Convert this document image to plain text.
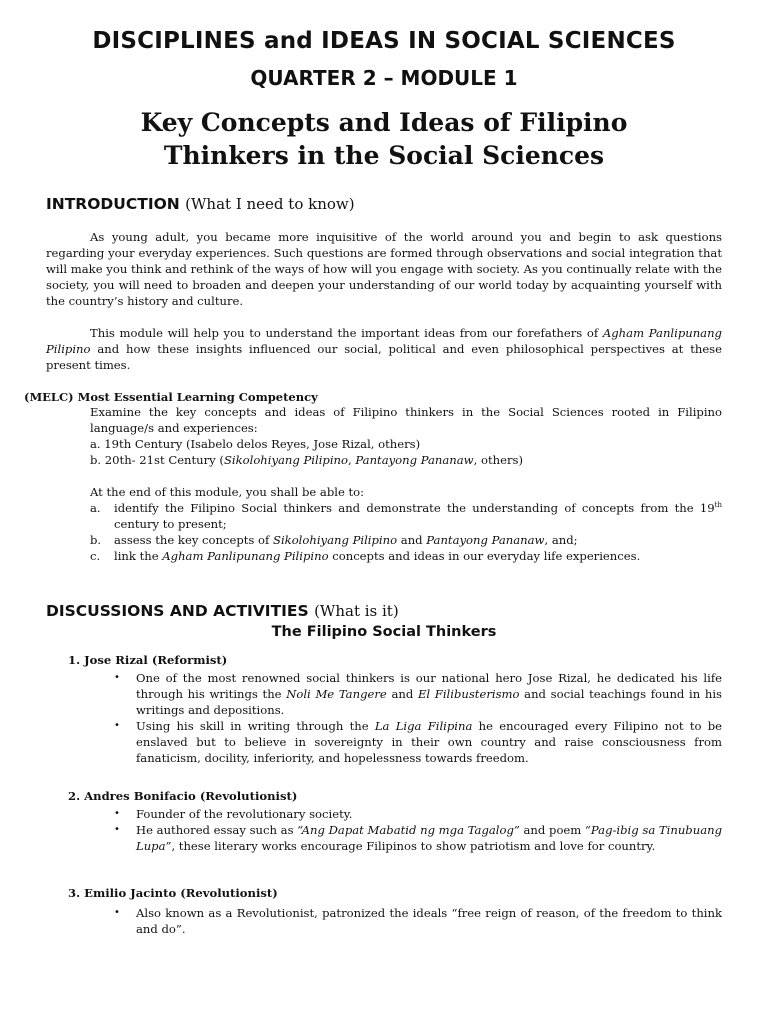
DISCIPLINES and IDEAS IN SOCIAL SCIENCES
QUARTER 2 – MODULE 1
Key Concepts and Ideas of Filipino
Thinkers in the Social Sciences
INTRODUCTION (What I need to know)

As young adult, you became more inquisitive of the world around you and begin to ask questions regarding your everyday experiences. Such questions are formed through observations and social integration that will make you think and rethink of the ways of how will you engage with society. As you continually relate with the society, you will need to broaden and deepen your understanding of our world today by acquainting yourself with the country’s history and culture.

This module will help you to understand the important ideas from our forefathers of Agham Panlipunang Pilipino and how these insights influenced our social, political and even philosophical perspectives at these present times.

(MELC) Most Essential Learning Competency

Examine the key concepts and ideas of Filipino thinkers in the Social Sciences rooted in Filipino language/s and experiences:

a. 19th Century (Isabelo delos Reyes, Jose Rizal, others)
b. 20th- 21st Century (Sikolohiyang Pilipino, Pantayong Pananaw, others)
At the end of this module, you shall be able to:
a. identify the Filipino Social thinkers and demonstrate the understanding of concepts from the 19th century to present;
b. assess the key concepts of Sikolohiyang Pilipino and Pantayong Pananaw, and;
c. link the Agham Panlipunang Pilipino concepts and ideas in our everyday life experiences.
DISCUSSIONS AND ACTIVITIES (What is it)
The Filipino Social Thinkers
1. Jose Rizal (Reformist)
• One of the most renowned social thinkers is our national hero Jose Rizal, he dedicated his life through his writings the Noli Me Tangere and El Filibusterismo and social teachings found in his writings and depositions.
• Using his skill in writing through the La Liga Filipina he encouraged every Filipino not to be enslaved but to believe in sovereignty in their own country and raise consciousness from fanaticism, docility, inferiority, and hopelessness towards freedom.
2. Andres Bonifacio (Revolutionist)
• Founder of the revolutionary society.
• He authored essay such as “Ang Dapat Mabatid ng mga Tagalog” and poem “Pag-ibig sa Tinubuang Lupa”, these literary works encourage Filipinos to show patriotism and love for country.
3. Emilio Jacinto (Revolutionist)
• Also known as a Revolutionist, patronized the ideals “free reign of reason, of the freedom to think and do”.
